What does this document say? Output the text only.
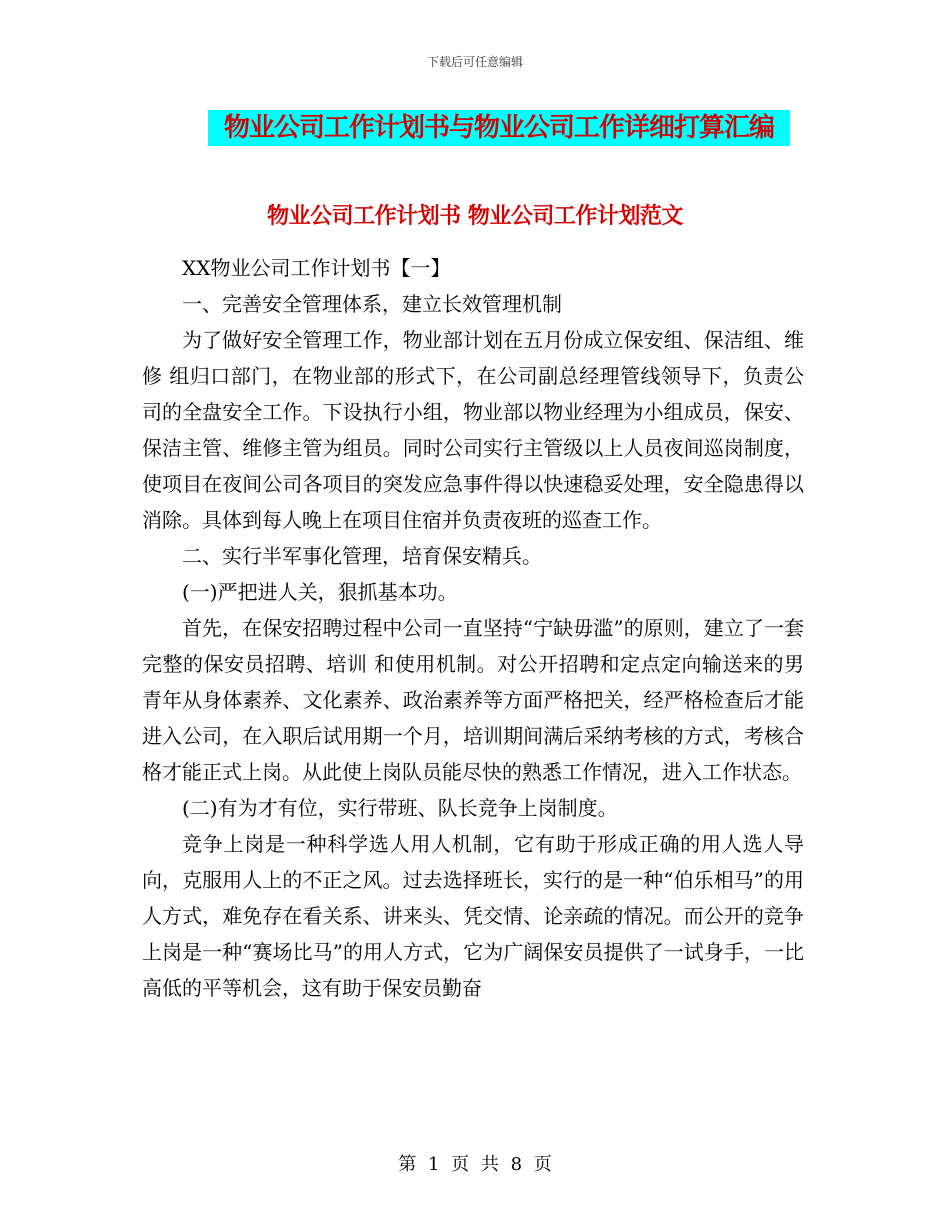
下载后可任意编辑
物业公司工作计划书与物业公司工作详细打算汇编
物业公司工作计划书 物业公司工作计划范文

XX物业公司工作计划书【一】

一、完善安全管理体系，建立长效管理机制

为了做好安全管理工作，物业部计划在五月份成立保安组、保洁组、维修 组归口部门，在物业部的形式下，在公司副总经理管线领导下，负责公司的全盘安全工作。下设执行小组，物业部以物业经理为小组成员，保安、保洁主管、维修主管为组员。同时公司实行主管级以上人员夜间巡岗制度，使项目在夜间公司各项目的突发应急事件得以快速稳妥处理，安全隐患得以消除。具体到每人晚上在项目住宿并负责夜班的巡查工作。

二、实行半军事化管理，培育保安精兵。

(一)严把进人关，狠抓基本功。

首先，在保安招聘过程中公司一直坚持“宁缺毋滥”的原则，建立了一套完整的保安员招聘、培训 和使用机制。对公开招聘和定点定向输送来的男青年从身体素养、文化素养、政治素养等方面严格把关，经严格检查后才能进入公司，在入职后试用期一个月，培训期间满后采纳考核的方式，考核合格才能正式上岗。从此使上岗队员能尽快的熟悉工作情况，进入工作状态。

(二)有为才有位，实行带班、队长竞争上岗制度。

竞争上岗是一种科学选人用人机制，它有助于形成正确的用人选人导向，克服用人上的不正之风。过去选择班长，实行的是一种“伯乐相马”的用人方式，难免存在看关系、讲来头、凭交情、论亲疏的情况。而公开的竞争上岗是一种“赛场比马”的用人方式，它为广阔保安员提供了一试身手，一比高低的平等机会，这有助于保安员勤奋

第 1 页 共 8 页
